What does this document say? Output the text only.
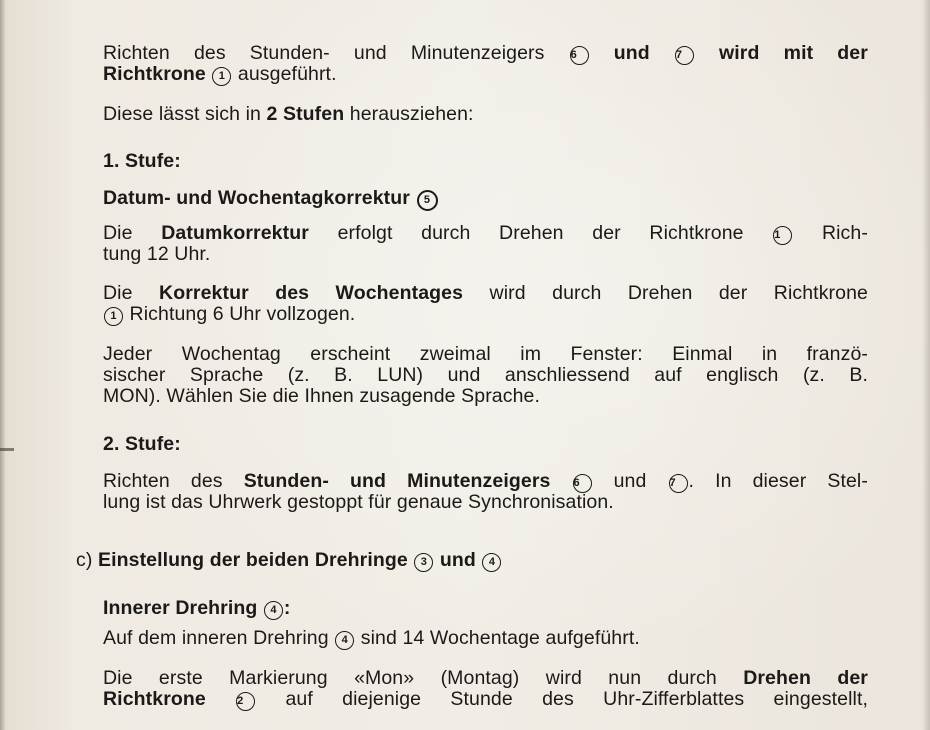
Richten des Stunden- und Minutenzeigers 6 und 7 wird mit der
Richtkrone 1 ausgeführt.
Diese lässt sich in 2 Stufen herausziehen:
1. Stufe:
Datum- und Wochentagkorrektur 5
Die Datumkorrektur erfolgt durch Drehen der Richtkrone	1 Rich-
tung 12 Uhr.
Die Korrektur des Wochentages wird durch Drehen der Richtkrone
1 Richtung 6 Uhr vollzogen.
Jeder Wochentag erscheint zweimal im Fenster: Einmal in franzö-
sischer Sprache (z. B. LUN) und anschliessend auf englisch (z. B.
MON). Wählen Sie die Ihnen zusagende Sprache.
2. Stufe:
Richten des Stunden- und Minutenzeigers 6 und 7 . In dieser Stel-
lung ist das Uhrwerk gestoppt für genaue Synchronisation.
c) Einstellung der beiden Drehringe 3 und 4
Innerer Drehring 4 :
Auf dem inneren Drehring 4 sind 14 Wochentage aufgeführt.
Die erste Markierung «Mon» (Montag) wird nun durch Drehen der
Richtkrone	2 auf diejenige Stunde des Uhr-Zifferblattes eingestellt,
